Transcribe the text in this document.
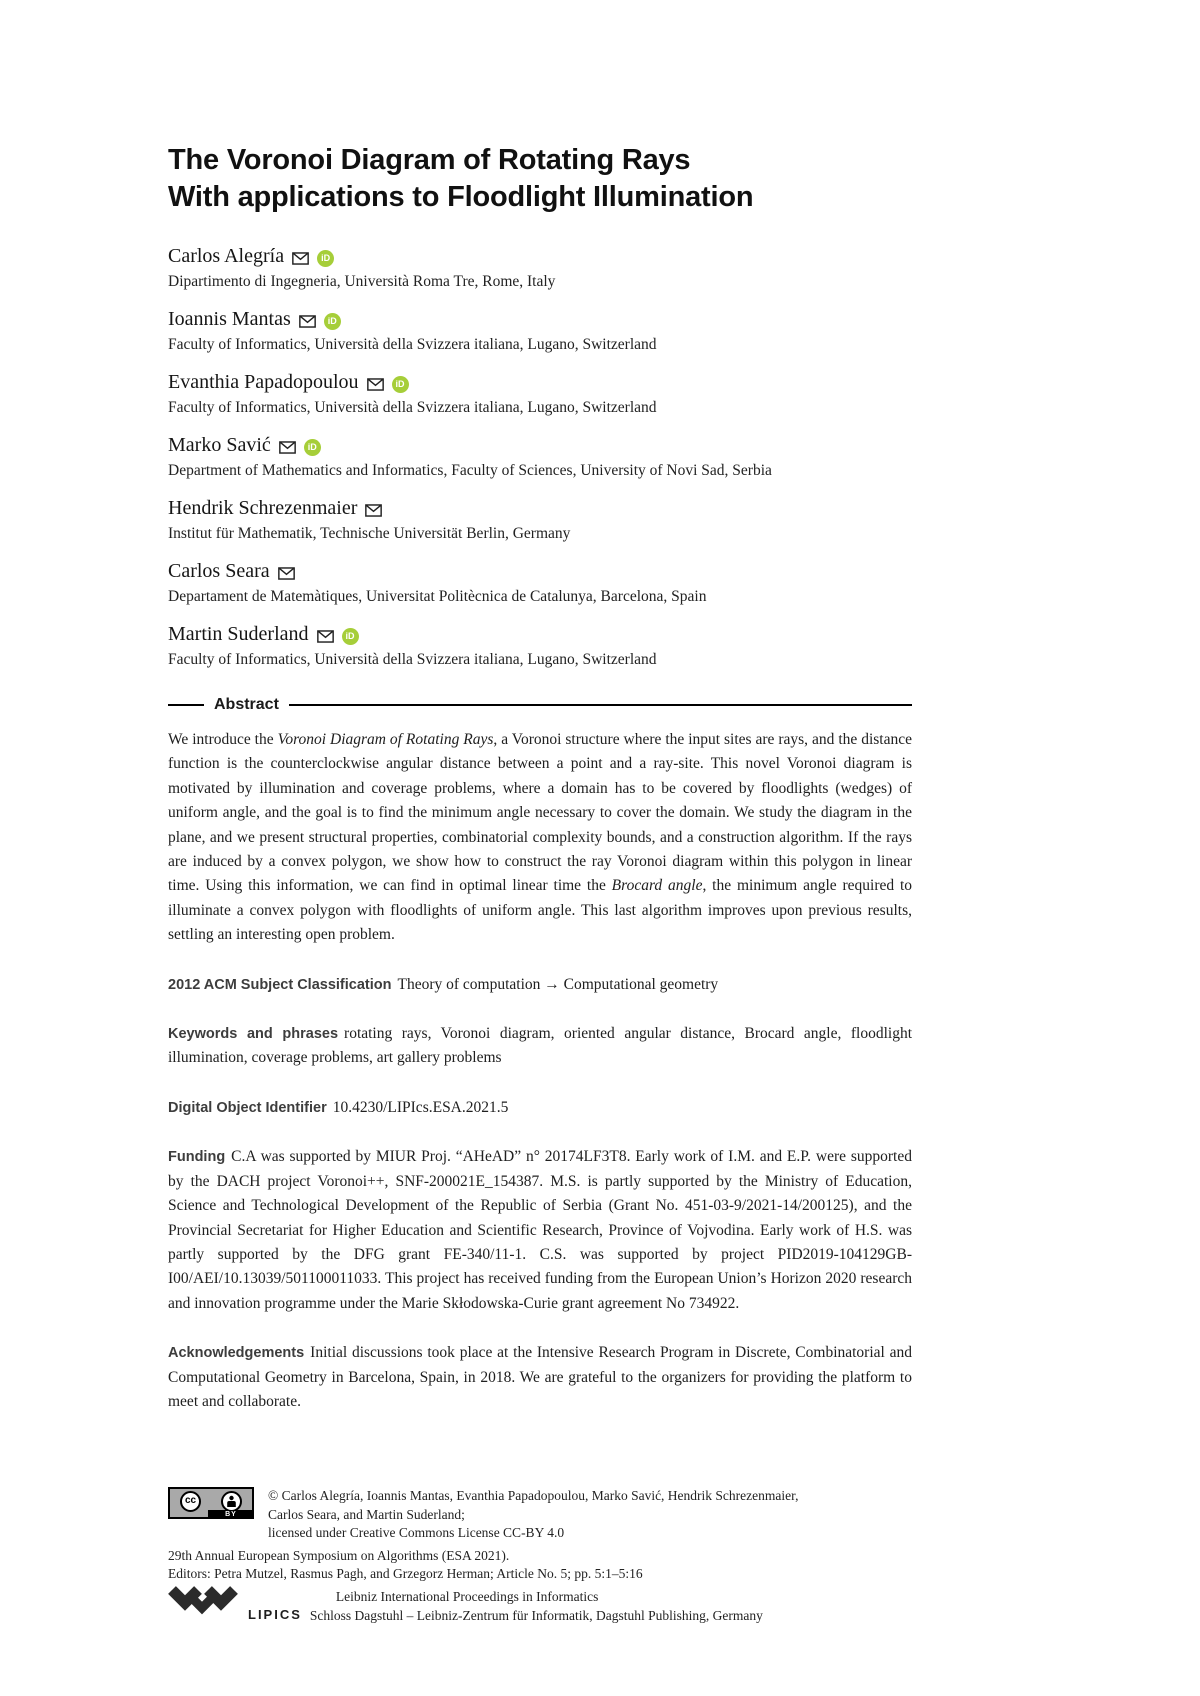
The Voronoi Diagram of Rotating Rays
With applications to Floodlight Illumination
Carlos Alegría	iD
Dipartimento di Ingegneria, Università Roma Tre, Rome, Italy
Ioannis Mantas	iD
Faculty of Informatics, Università della Svizzera italiana, Lugano, Switzerland
Evanthia Papadopoulou	iD
Faculty of Informatics, Università della Svizzera italiana, Lugano, Switzerland
Marko Savić	iD
Department of Mathematics and Informatics, Faculty of Sciences, University of Novi Sad, Serbia
Hendrik Schrezenmaier
Institut für Mathematik, Technische Universität Berlin, Germany
Carlos Seara
Departament de Matemàtiques, Universitat Politècnica de Catalunya, Barcelona, Spain
Martin Suderland	iD
Faculty of Informatics, Università della Svizzera italiana, Lugano, Switzerland
Abstract

We introduce the Voronoi Diagram of Rotating Rays, a Voronoi structure where the input sites are rays, and the distance function is the counterclockwise angular distance between a point and a ray-site. This novel Voronoi diagram is motivated by illumination and coverage problems, where a domain has to be covered by floodlights (wedges) of uniform angle, and the goal is to find the minimum angle necessary to cover the domain. We study the diagram in the plane, and we present structural properties, combinatorial complexity bounds, and a construction algorithm. If the rays are induced by a convex polygon, we show how to construct the ray Voronoi diagram within this polygon in linear time. Using this information, we can find in optimal linear time the Brocard angle, the minimum angle required to illuminate a convex polygon with floodlights of uniform angle. This last algorithm improves upon previous results, settling an interesting open problem.

2012 ACM Subject Classification Theory of computation → Computational geometry

Keywords and phrases rotating rays, Voronoi diagram, oriented angular distance, Brocard angle, floodlight illumination, coverage problems, art gallery problems

Digital Object Identifier 10.4230/LIPIcs.ESA.2021.5

Funding C.A was supported by MIUR Proj. “AHeAD” n° 20174LF3T8. Early work of I.M. and E.P. were supported by the DACH project Voronoi++, SNF-200021E_154387. M.S. is partly supported by the Ministry of Education, Science and Technological Development of the Republic of Serbia (Grant No. 451-03-9/2021-14/200125), and the Provincial Secretariat for Higher Education and Scientific Research, Province of Vojvodina. Early work of H.S. was partly supported by the DFG grant FE-340/11-1. C.S. was supported by project PID2019-104129GB-I00/AEI/10.13039/501100011033. This project has received funding from the European Union’s Horizon 2020 research and innovation programme under the Marie Skłodowska-Curie grant agreement No 734922.

Acknowledgements Initial discussions took place at the Intensive Research Program in Discrete, Combinatorial and Computational Geometry in Barcelona, Spain, in 2018. We are grateful to the organizers for providing the platform to meet and collaborate.

cc
BY
© Carlos Alegría, Ioannis Mantas, Evanthia Papadopoulou, Marko Savić, Hendrik Schrezenmaier,
Carlos Seara, and Martin Suderland;
licensed under Creative Commons License CC-BY 4.0
29th Annual European Symposium on Algorithms (ESA 2021).
Editors: Petra Mutzel, Rasmus Pagh, and Grzegorz Herman; Article No. 5; pp. 5:1–5:16
LIPICS
Leibniz International Proceedings in Informatics
Schloss Dagstuhl – Leibniz-Zentrum für Informatik, Dagstuhl Publishing, Germany
